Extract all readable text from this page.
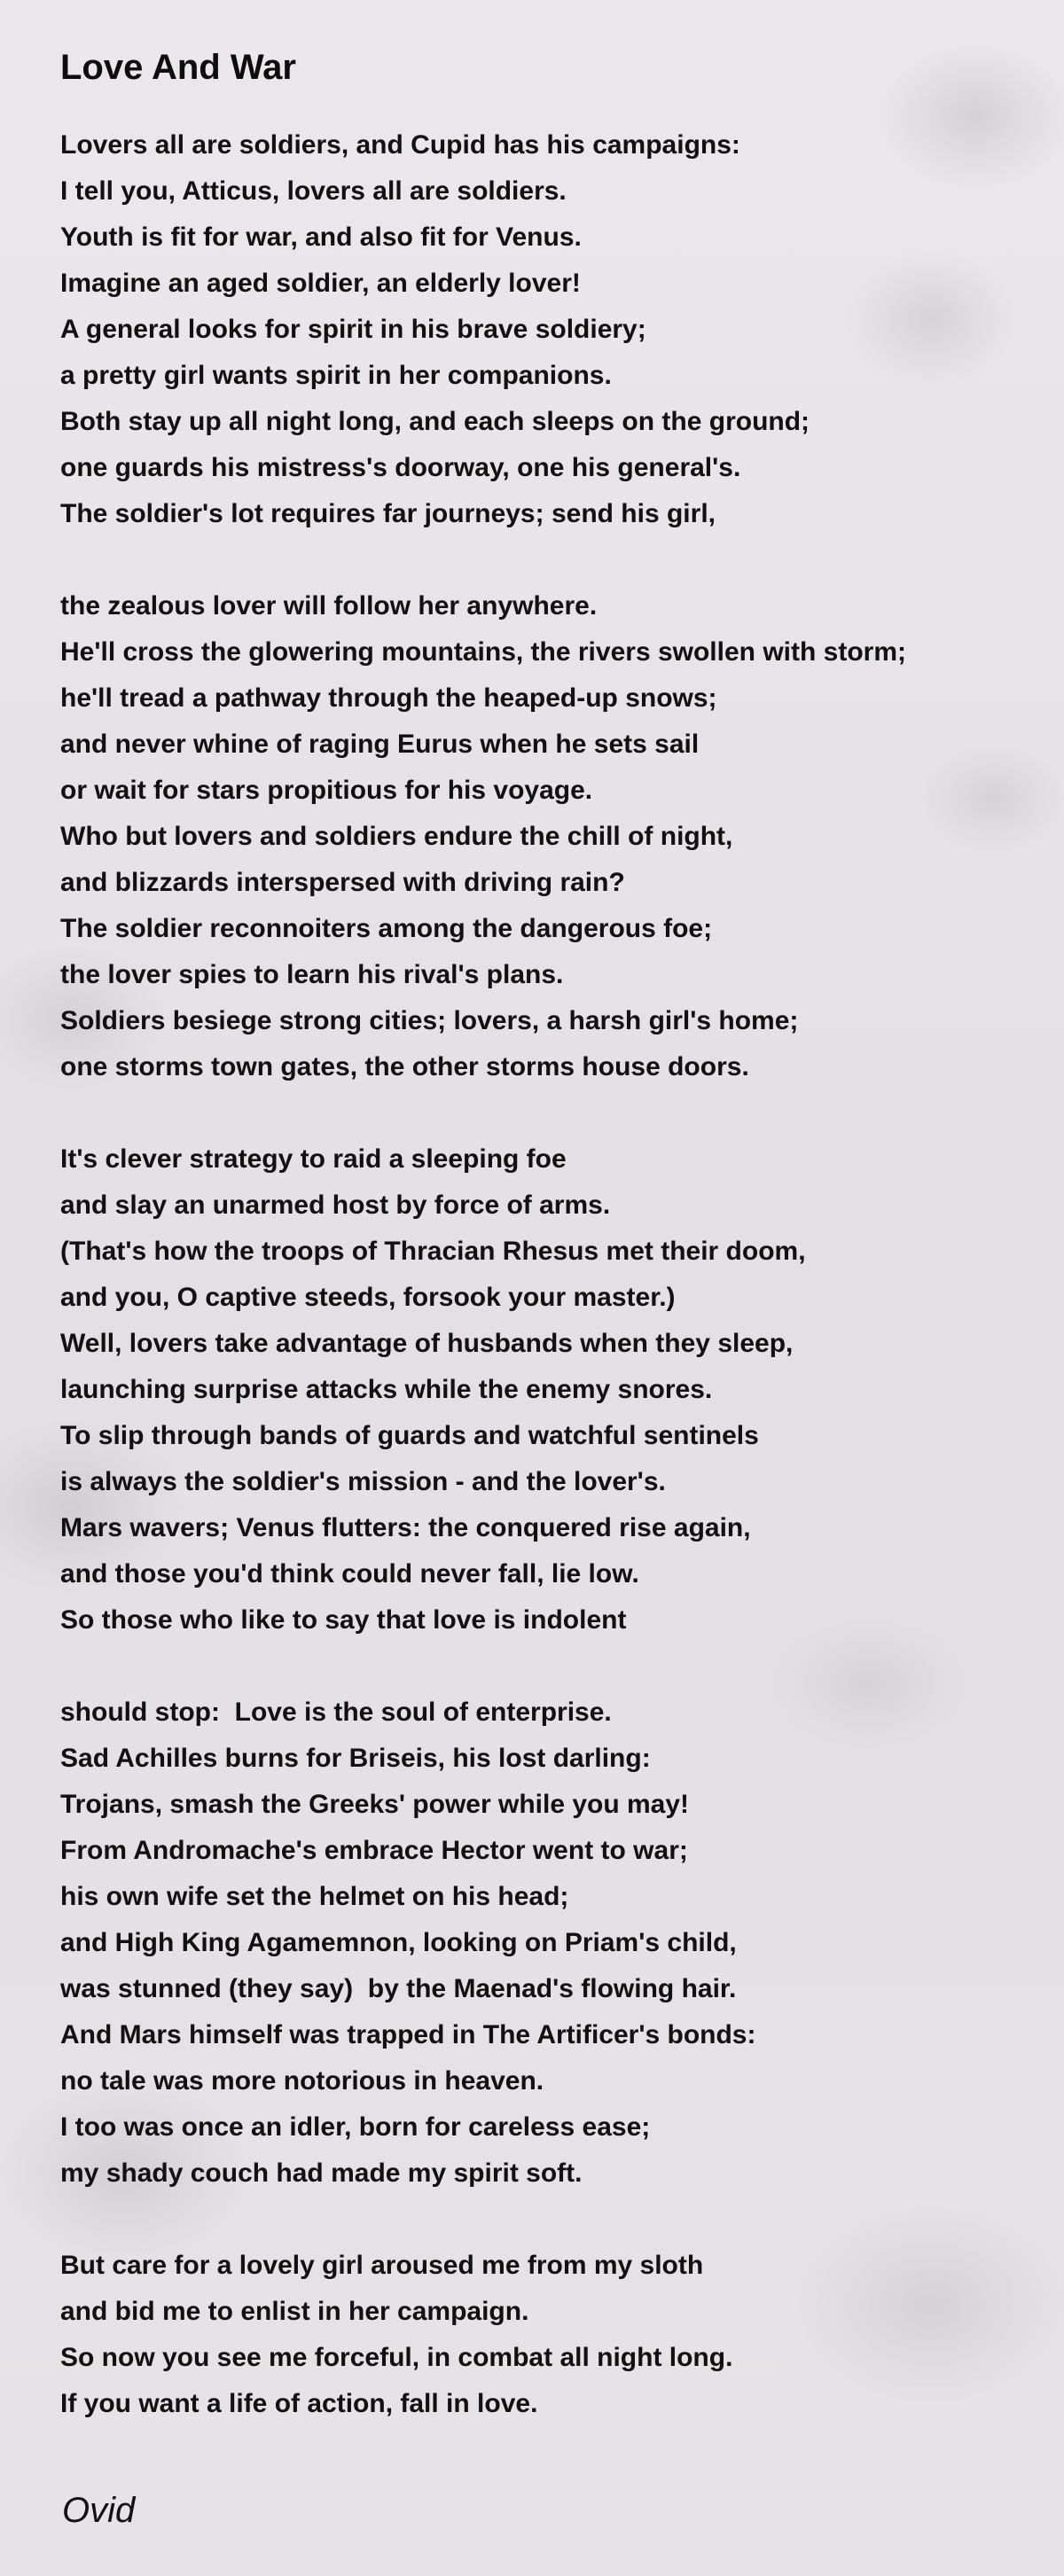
Love And War
Lovers all are soldiers, and Cupid has his campaigns:
I tell you, Atticus, lovers all are soldiers.
Youth is fit for war, and also fit for Venus.
Imagine an aged soldier, an elderly lover!
A general looks for spirit in his brave soldiery;
a pretty girl wants spirit in her companions.
Both stay up all night long, and each sleeps on the ground;
one guards his mistress's doorway, one his general's.
The soldier's lot requires far journeys; send his girl,
the zealous lover will follow her anywhere.
He'll cross the glowering mountains, the rivers swollen with storm;
he'll tread a pathway through the heaped-up snows;
and never whine of raging Eurus when he sets sail
or wait for stars propitious for his voyage.
Who but lovers and soldiers endure the chill of night,
and blizzards interspersed with driving rain?
The soldier reconnoiters among the dangerous foe;
the lover spies to learn his rival's plans.
Soldiers besiege strong cities; lovers, a harsh girl's home;
one storms town gates, the other storms house doors.
It's clever strategy to raid a sleeping foe
and slay an unarmed host by force of arms.
(That's how the troops of Thracian Rhesus met their doom,
and you, O captive steeds, forsook your master.)
Well, lovers take advantage of husbands when they sleep,
launching surprise attacks while the enemy snores.
To slip through bands of guards and watchful sentinels
is always the soldier's mission - and the lover's.
Mars wavers; Venus flutters: the conquered rise again,
and those you'd think could never fall, lie low.
So those who like to say that love is indolent
should stop:  Love is the soul of enterprise.
Sad Achilles burns for Briseis, his lost darling:
Trojans, smash the Greeks' power while you may!
From Andromache's embrace Hector went to war;
his own wife set the helmet on his head;
and High King Agamemnon, looking on Priam's child,
was stunned (they say)  by the Maenad's flowing hair.
And Mars himself was trapped in The Artificer's bonds:
no tale was more notorious in heaven.
I too was once an idler, born for careless ease;
my shady couch had made my spirit soft.
But care for a lovely girl aroused me from my sloth
and bid me to enlist in her campaign.
So now you see me forceful, in combat all night long.
If you want a life of action, fall in love.
Ovid
